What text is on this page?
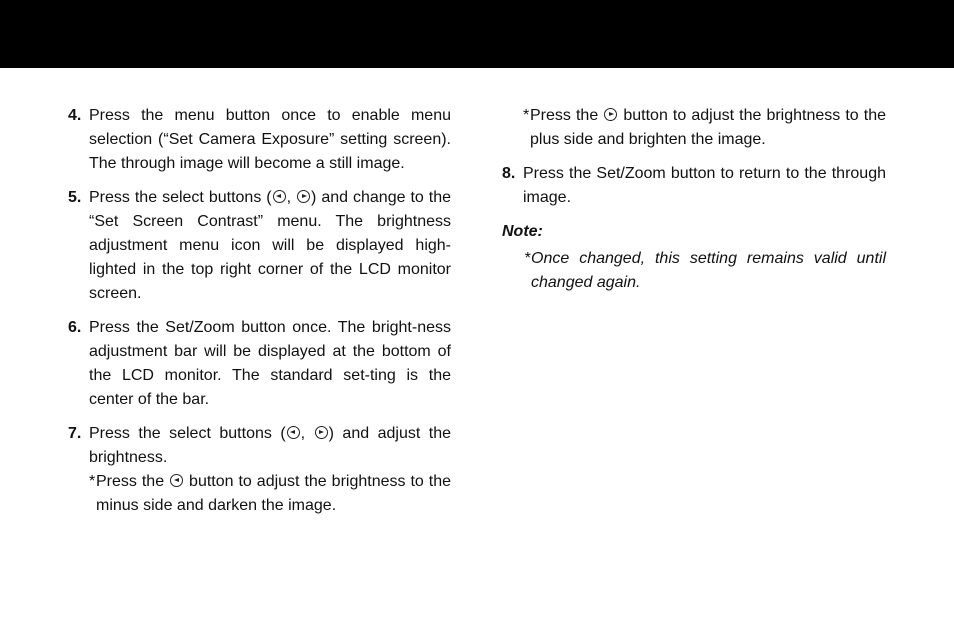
4. Press the menu button once to enable menu selection (“Set Camera Exposure” setting screen). The through image will become a still image.
5. Press the select buttons ( , ) and change to the “Set Screen Contrast” menu. The brightness adjustment menu icon will be displayed high-lighted in the top right corner of the LCD monitor screen.
6. Press the Set/Zoom button once. The bright-ness adjustment bar will be displayed at the bottom of the LCD monitor. The standard set-ting is the center of the bar.
7. Press the select buttons ( , ) and adjust the brightness.
* Press the  button to adjust the brightness to the minus side and darken the image.
* Press the  button to adjust the brightness to the plus side and brighten the image.
8. Press the Set/Zoom button to return to the through image.
Note:
* Once changed, this setting remains valid until changed again.
